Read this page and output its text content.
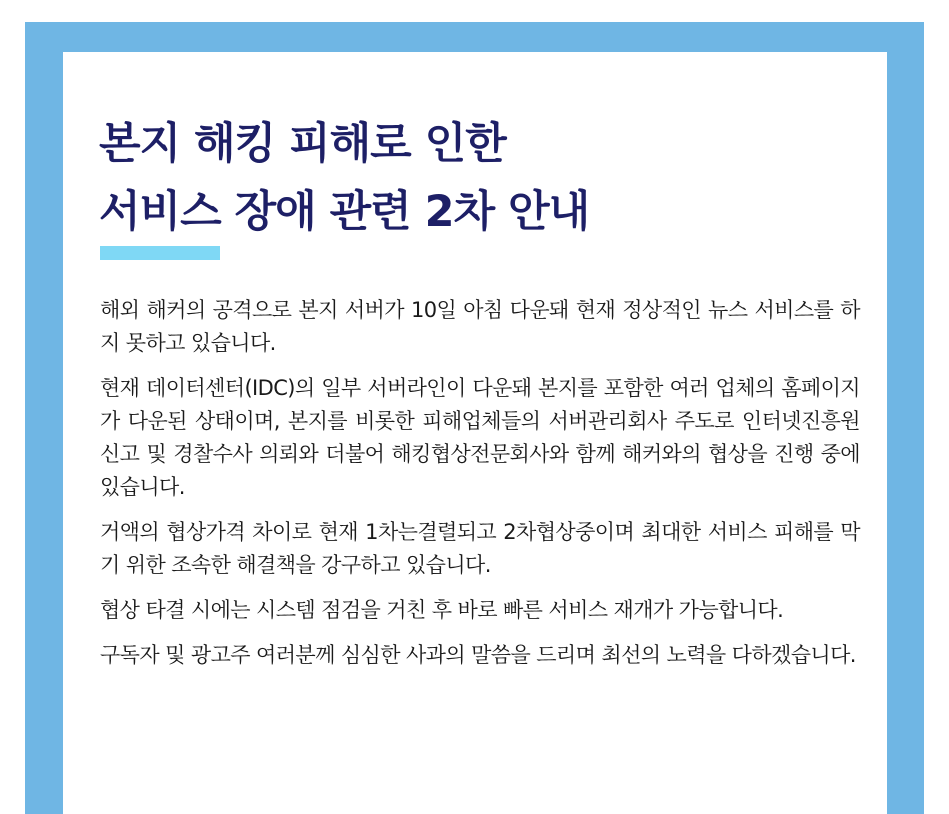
본지 해킹 피해로 인한
서비스 장애 관련 2차 안내

해외 해커의 공격으로 본지 서버가 10일 아침 다운돼 현재 정상적인 뉴스 서비스를 하지 못하고 있습니다.

현재 데이터센터(IDC)의 일부 서버라인이 다운돼 본지를 포함한 여러 업체의 홈페이지가 다운된 상태이며, 본지를 비롯한 피해업체들의 서버관리회사 주도로 인터넷진흥원 신고 및 경찰수사 의뢰와 더불어 해킹협상전문회사와 함께 해커와의 협상을 진행 중에 있습니다.

거액의 협상가격 차이로 현재 1차는결렬되고 2차협상중이며 최대한 서비스 피해를 막기 위한 조속한 해결책을 강구하고 있습니다.

협상 타결 시에는 시스템 점검을 거친 후 바로 빠른 서비스 재개가 가능합니다.

구독자 및 광고주 여러분께 심심한 사과의 말씀을 드리며 최선의 노력을 다하겠습니다.
